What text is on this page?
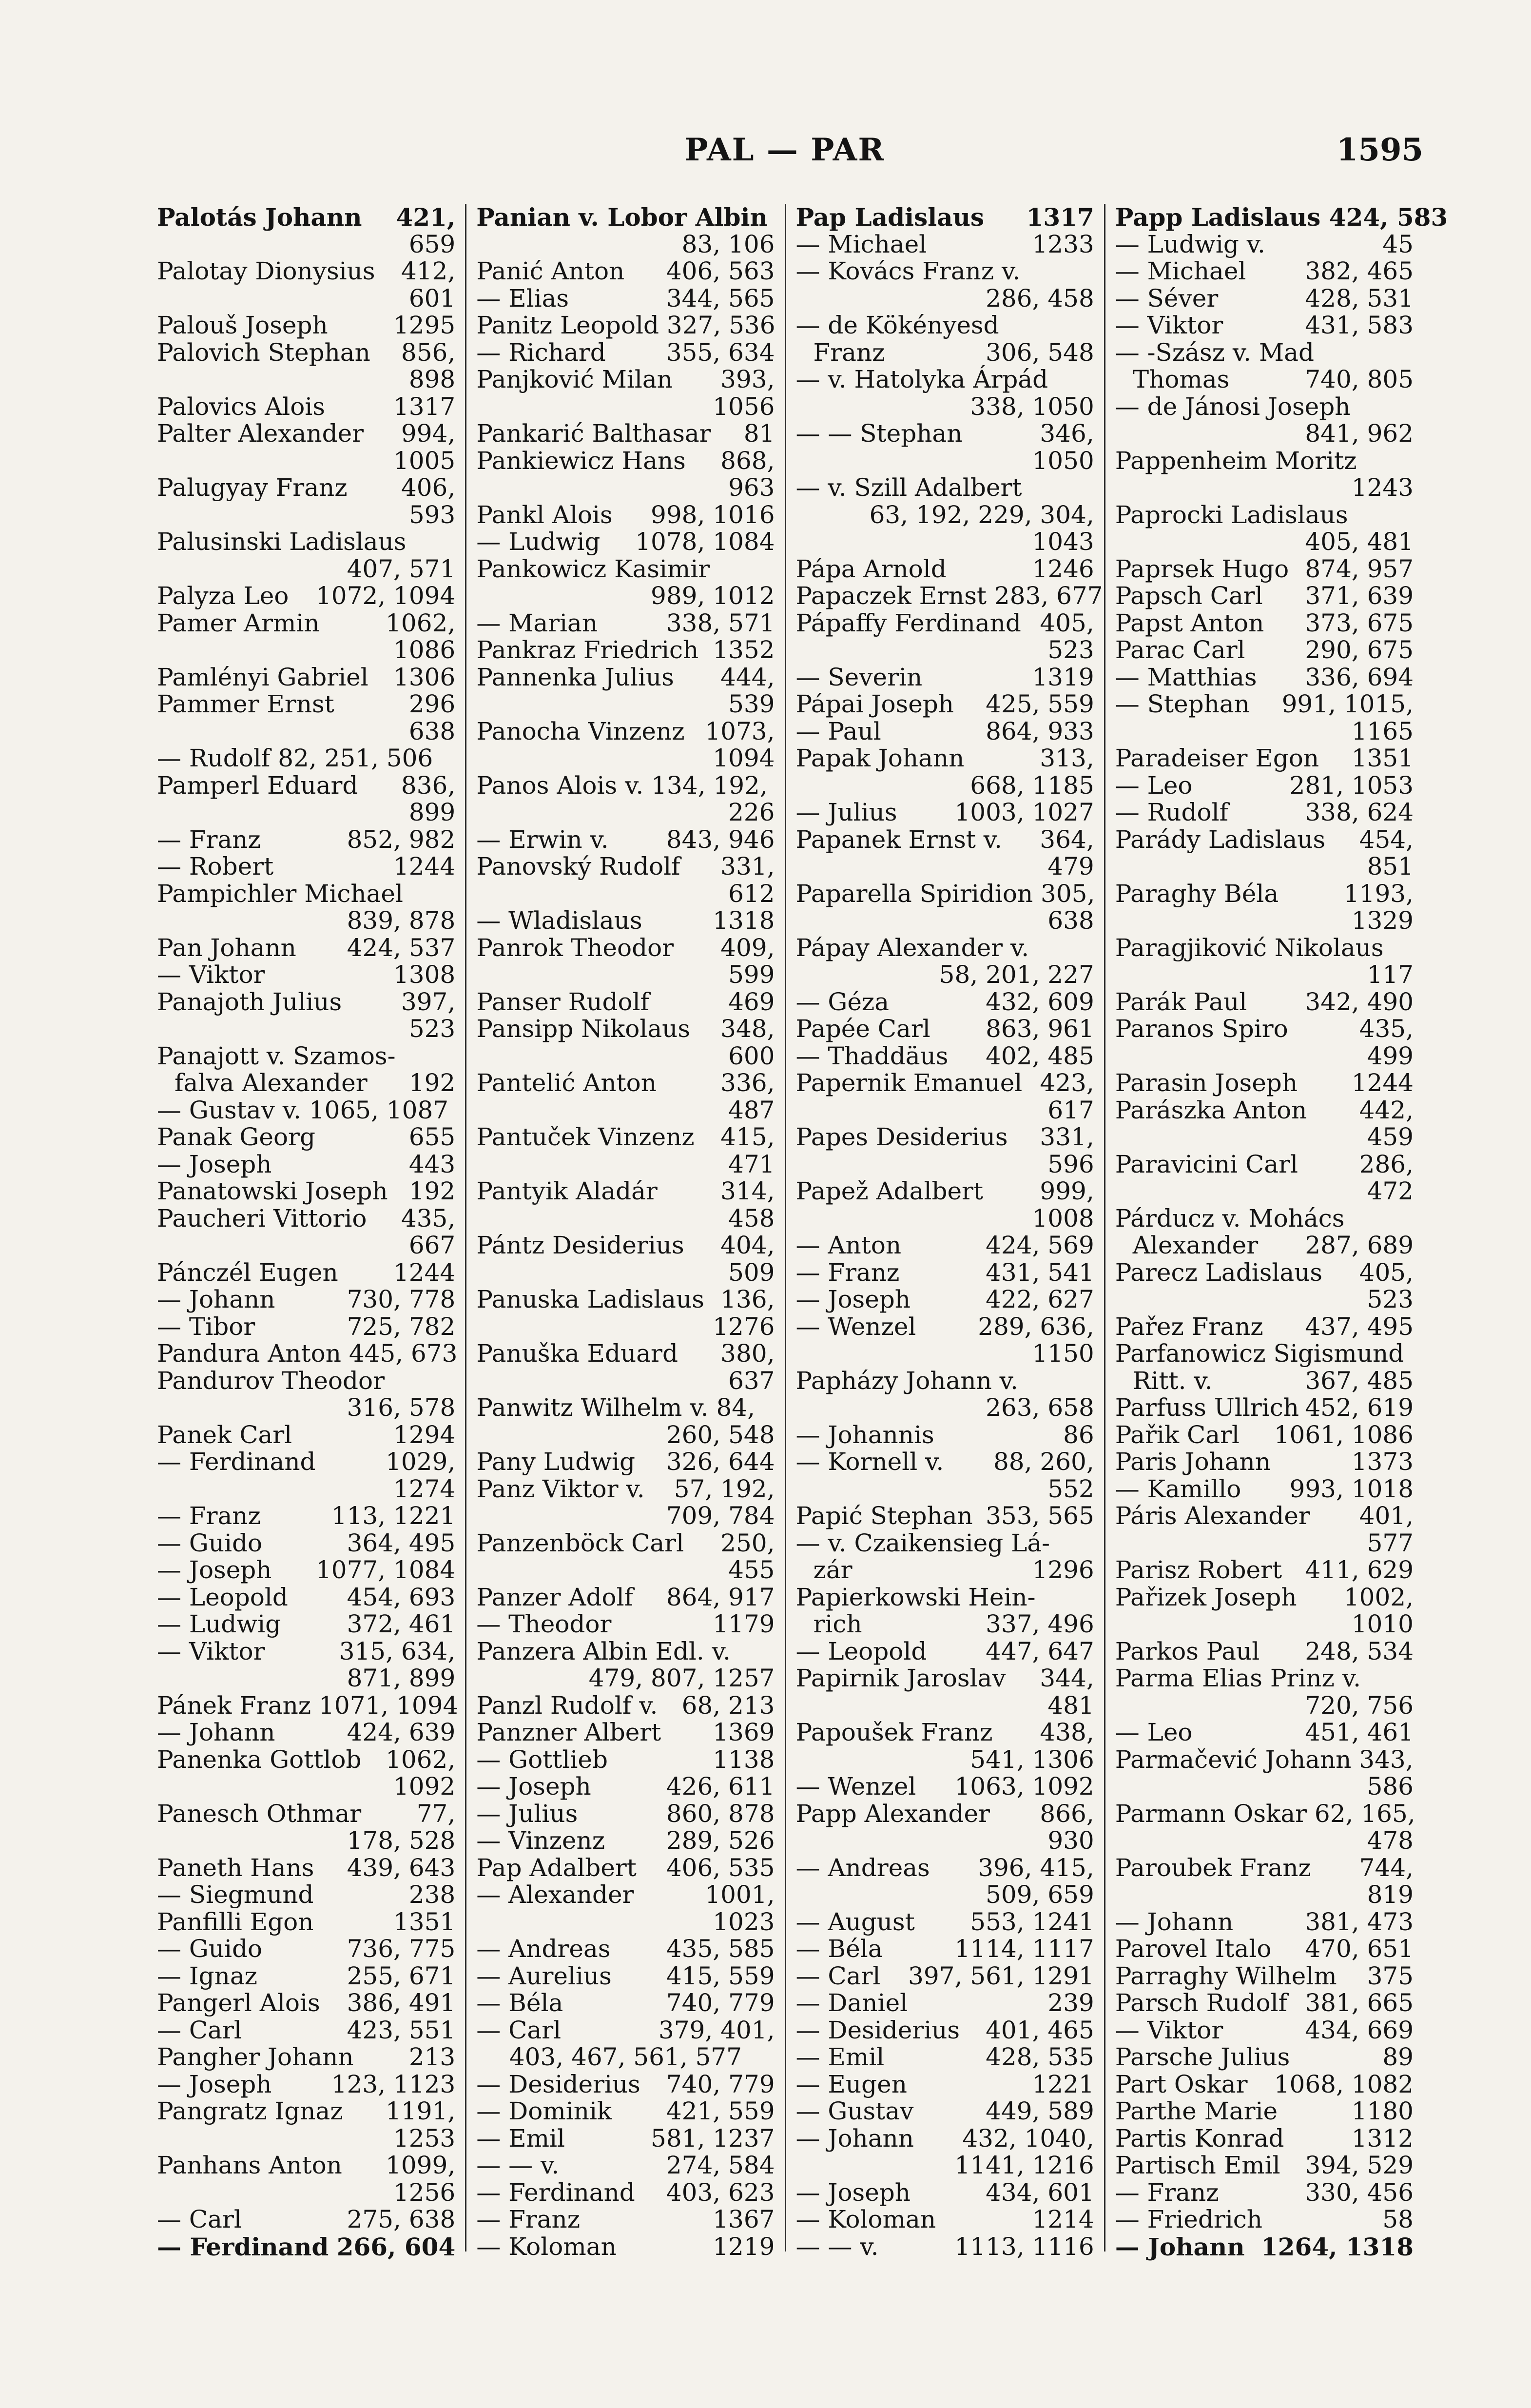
PAL — PAR	1595
Palotás Johann 421,
659
Palotay Dionysius 412,
601
Palouš Joseph	1295
Palovich Stephan 856,
898
Palovics Alois	1317
Palter Alexander 994,
1005
Palugyay Franz 406,
593
Palusinski Ladislaus
407, 571
Palyza Leo 1072, 1094
Pamer Armin	1062,
1086
Pamlényi Gabriel 1306
Pammer Ernst	296
638
— Rudolf 82, 251, 506
Pamperl Eduard 836,
899
— Franz	852, 982
— Robert	1244
Pampichler Michael
839, 878
Pan Johann 424, 537
— Viktor	1308
Panajoth Julius 397,
523
Panajott v. Szamos-
falva Alexander 192
— Gustav v. 1065, 1087
Panak Georg	655
— Joseph	443
Panatowski Joseph 192
Paucheri Vittorio 435,
667
Pánczél Eugen 1244
— Johann	730, 778
— Tibor	725, 782
Pandura Anton 445, 673
Pandurov Theodor
316, 578
Panek Carl	1294
— Ferdinand	1029,
1274
— Franz	113, 1221
— Guido	364, 495
— Joseph 1077, 1084
— Leopold 454, 693
— Ludwig	372, 461
— Viktor	315, 634,
871, 899
Pánek Franz 1071, 1094
— Johann	424, 639
Panenka Gottlob 1062,
1092
Panesch Othmar 77,
178, 528
Paneth Hans 439, 643
— Siegmund	238
Panfilli Egon	1351
— Guido	736, 775
— Ignaz	255, 671
Pangerl Alois 386, 491
— Carl	423, 551
Pangher Johann 213
— Joseph 123, 1123
Pangratz Ignaz 1191,
1253
Panhans Anton 1099,
1256
— Carl	275, 638
— Ferdinand 266, 604
Panian v. Lobor Albin
83, 106
Panić Anton 406, 563
— Elias	344, 565
Panitz Leopold 327, 536
— Richard 355, 634
Panjković Milan 393,
1056
Pankarić Balthasar 81
Pankiewicz Hans 868,
963
Pankl Alois 998, 1016
— Ludwig 1078, 1084
Pankowicz Kasimir
989, 1012
— Marian	338, 571
Pankraz Friedrich 1352
Pannenka Julius 444,
539
Panocha Vinzenz 1073,
1094
Panos Alois v. 134, 192,
226
— Erwin v. 843, 946
Panovský Rudolf 331,
612
— Wladislaus	1318
Panrok Theodor 409,
599
Panser Rudolf	469
Pansipp Nikolaus 348,
600
Pantelić Anton	336,
487
Pantuček Vinzenz 415,
471
Pantyik Aladár	314,
458
Pántz Desiderius 404,
509
Panuska Ladislaus 136,
1276
Panuška Eduard 380,
637
Panwitz Wilhelm v. 84,
260, 548
Pany Ludwig 326, 644
Panz Viktor v. 57, 192,
709, 784
Panzenböck Carl 250,
455
Panzer Adolf 864, 917
— Theodor	1179
Panzera Albin Edl. v.
479, 807, 1257
Panzl Rudolf v. 68, 213
Panzner Albert 1369
— Gottlieb	1138
— Joseph	426, 611
— Julius	860, 878
— Vinzenz	289, 526
Pap Adalbert 406, 535
— Alexander	1001,
1023
— Andreas 435, 585
— Aurelius 415, 559
— Béla	740, 779
— Carl	379, 401,
403, 467, 561, 577
— Desiderius 740, 779
— Dominik 421, 559
— Emil	581, 1237
— — v.	274, 584
— Ferdinand 403, 623
— Franz	1367
— Koloman	1219
Pap Ladislaus 1317
— Michael	1233
— Kovács Franz v.
286, 458
— de Kökényesd
Franz	306, 548
— v. Hatolyka Árpád
338, 1050
— — Stephan	346,
1050
— v. Szill Adalbert
63, 192, 229, 304,
1043
Pápa Arnold	1246
Papaczek Ernst 283, 677
Pápaffy Ferdinand 405,
523
— Severin	1319
Pápai Joseph 425, 559
— Paul	864, 933
Papak Johann	313,
668, 1185
— Julius 1003, 1027
Papanek Ernst v. 364,
479
Paparella Spiridion 305,
638
Pápay Alexander v.
58, 201, 227
— Géza	432, 609
Papée Carl 863, 961
— Thaddäus 402, 485
Papernik Emanuel 423,
617
Papes Desiderius 331,
596
Papež Adalbert 999,
1008
— Anton	424, 569
— Franz	431, 541
— Joseph	422, 627
— Wenzel	289, 636,
1150
Papházy Johann v.
263, 658
— Johannis	86
— Kornell v. 88, 260,
552
Papić Stephan 353, 565
— v. Czaikensieg Lá-
zár	1296
Papierkowski Hein-
rich	337, 496
— Leopold 447, 647
Papirnik Jaroslav 344,
481
Papoušek Franz 438,
541, 1306
— Wenzel 1063, 1092
Papp Alexander 866,
930
— Andreas 396, 415,
509, 659
— August 553, 1241
— Béla	1114, 1117
— Carl 397, 561, 1291
— Daniel	239
— Desiderius 401, 465
— Emil	428, 535
— Eugen	1221
— Gustav	449, 589
— Johann 432, 1040,
1141, 1216
— Joseph	434, 601
— Koloman	1214
— — v.	1113, 1116
Papp Ladislaus 424, 583
— Ludwig v.	45
— Michael 382, 465
— Séver	428, 531
— Viktor	431, 583
— -Szász v. Mad
Thomas	740, 805
— de Jánosi Joseph
841, 962
Pappenheim Moritz
1243
Paprocki Ladislaus
405, 481
Paprsek Hugo 874, 957
Papsch Carl 371, 639
Papst Anton 373, 675
Parac Carl 290, 675
— Matthias 336, 694
— Stephan 991, 1015,
1165
Paradeiser Egon 1351
— Leo	281, 1053
— Rudolf	338, 624
Parády Ladislaus 454,
851
Paraghy Béla	1193,
1329
Paragjiković Nikolaus
117
Parák Paul 342, 490
Paranos Spiro	435,
499
Parasin Joseph 1244
Parászka Anton 442,
459
Paravicini Carl	286,
472
Párducz v. Mohács
Alexander 287, 689
Parecz Ladislaus 405,
523
Pařez Franz 437, 495
Parfanowicz Sigismund
Ritt. v.	367, 485
Parfuss Ullrich 452, 619
Pařik Carl 1061, 1086
Paris Johann	1373
— Kamillo 993, 1018
Páris Alexander 401,
577
Parisz Robert 411, 629
Pařizek Joseph 1002,
1010
Parkos Paul 248, 534
Parma Elias Prinz v.
720, 756
— Leo	451, 461
Parmačević Johann 343,
586
Parmann Oskar 62, 165,
478
Paroubek Franz 744,
819
— Johann	381, 473
Parovel Italo 470, 651
Parraghy Wilhelm 375
Parsch Rudolf 381, 665
— Viktor	434, 669
Parsche Julius	89
Part Oskar 1068, 1082
Parthe Marie	1180
Partis Konrad	1312
Partisch Emil 394, 529
— Franz	330, 456
— Friedrich	58
— Johann 1264, 1318
